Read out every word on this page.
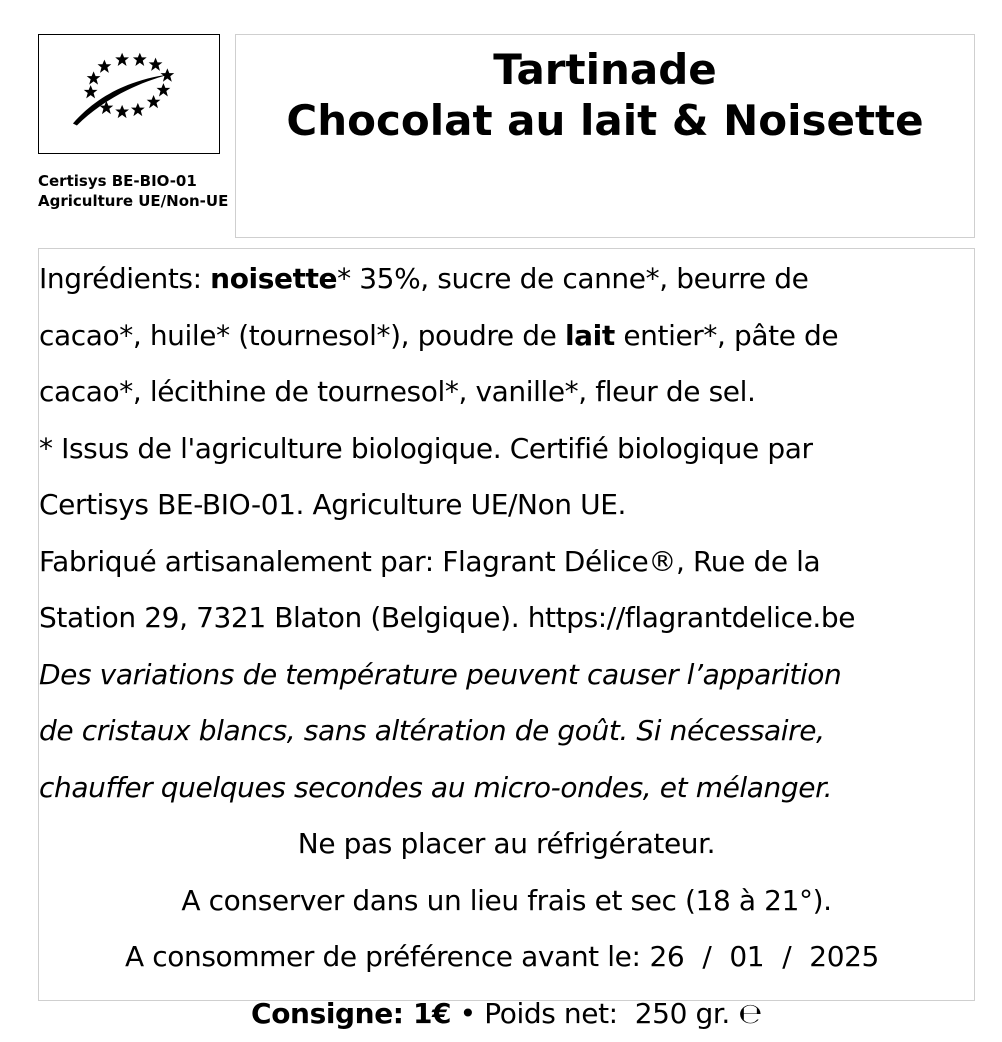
Certisys BE-BIO-01
Agriculture UE/Non-UE
Tartinade
Chocolat au lait & Noisette
Ingrédients: noisette* 35%, sucre de canne*, beurre de
cacao*, huile* (tournesol*), poudre de lait entier*, pâte de
cacao*, lécithine de tournesol*, vanille*, fleur de sel.
* Issus de l'agriculture biologique. Certifié biologique par
Certisys BE-BIO-01. Agriculture UE/Non UE.
Fabriqué artisanalement par: Flagrant Délice®, Rue de la
Station 29, 7321 Blaton (Belgique). https://flagrantdelice.be
Des variations de température peuvent causer l’apparition
de cristaux blancs, sans altération de goût. Si nécessaire,
chauffer quelques secondes au micro-ondes, et mélanger.
Ne pas placer au réfrigérateur.
A conserver dans un lieu frais et sec (18 à 21°).
A consommer de préférence avant le: 26 / 01 / 2025
Consigne: 1€ • Poids net: 250 gr. ℮
